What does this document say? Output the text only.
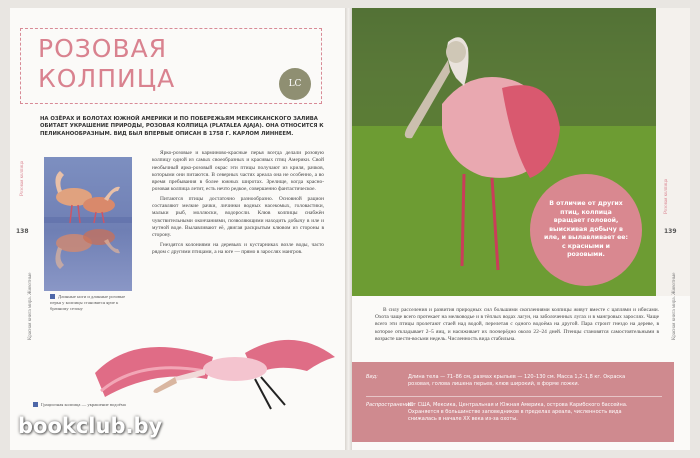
РОЗОВАЯ
КОЛПИЦА	LC
НА ОЗЁРАХ И БОЛОТАХ ЮЖНОЙ АМЕРИКИ И ПО ПОБЕРЕЖЬЯМ МЕКСИКАНСКОГО ЗАЛИВА ОБИТАЕТ УКРАШЕНИЕ ПРИРОДЫ, РОЗОВАЯ КОЛПИЦА (PLATALEA AJAJA). ОНА ОТНОСИТСЯ К ПЕЛИКАНООБРАЗНЫМ. ВИД БЫЛ ВПЕРВЫЕ ОПИСАН В 1758 Г. КАРЛОМ ЛИННЕЕМ.
Розовая колпица
138
Красная книга мира. Животные	Длинные ноги и длинные розовые перья у колпицы становятся ярче к брачному сезону

Ярко-розовые и карминово-красные перья всегда делали розовую колпицу одной из самых своеобразных и красивых птиц Америки. Свой необычный ярко-розовый окрас эти птицы получают из криля, рачков, которыми они питаются. В северных частях ареала она не особенно, а во время пребывания в более южных широтах. Зрелище, когда красно-розовая колпица летит, есть нечто редкое, совершенно фантастическое.

Питаются птицы достаточно разнообразно. Основной рацион составляют мелкие рачки, личинки водных насекомых, головастики, мальки рыб, моллюски, водоросли. Клюв колпицы снабжён чувствительными окончаниями, позволяющими находить добычу в иле и мутной воде. Вылавливают её, двигая раскрытым клювом из стороны в сторону.

Гнездятся колониями на деревьях и кустарниках возле воды, часто рядом с другими птицами, а на юге — прямо в зарослях мангров.

Грациозная колпица — украшение водоёма
Розовая колпица
139
Красная книга мира. Животные
В отличие от других птиц, колпица вращает головой, выискивая добычу в иле, и вылавливает ее: с красными и розовыми.

В силу расселения и развития природных сил большими скоплениями колпицы живут вместе с цаплями и ибисами. Охота чаще всего протекает на мелководье и в тёплых водах лагун, на заболоченных лугах и в мангровых зарослях. Чаще всего эти птицы пролетают стаей над водой, перелетая с одного водоёма на другой. Пара строит гнездо на дереве, в которое откладывает 2–5 яиц, и насиживает их поочерёдно около 22–24 дней. Птенцы становятся самостоятельными в возрасте шести-восьми недель. Численность вида стабильна.

Вид:	Длина тела — 71–86 см, размах крыльев — 120–130 см. Масса 1,2–1,8 кг. Окраска розовая, голова лишена перьев, клюв широкий, в форме ложки.
Распространение:
Юг США, Мексика, Центральная и Южная Америка, острова Карибского бассейна. Охраняется в большинстве заповедников в пределах ареала, численность вида снижалась в начале XX века из-за охоты.
bookclub.by
